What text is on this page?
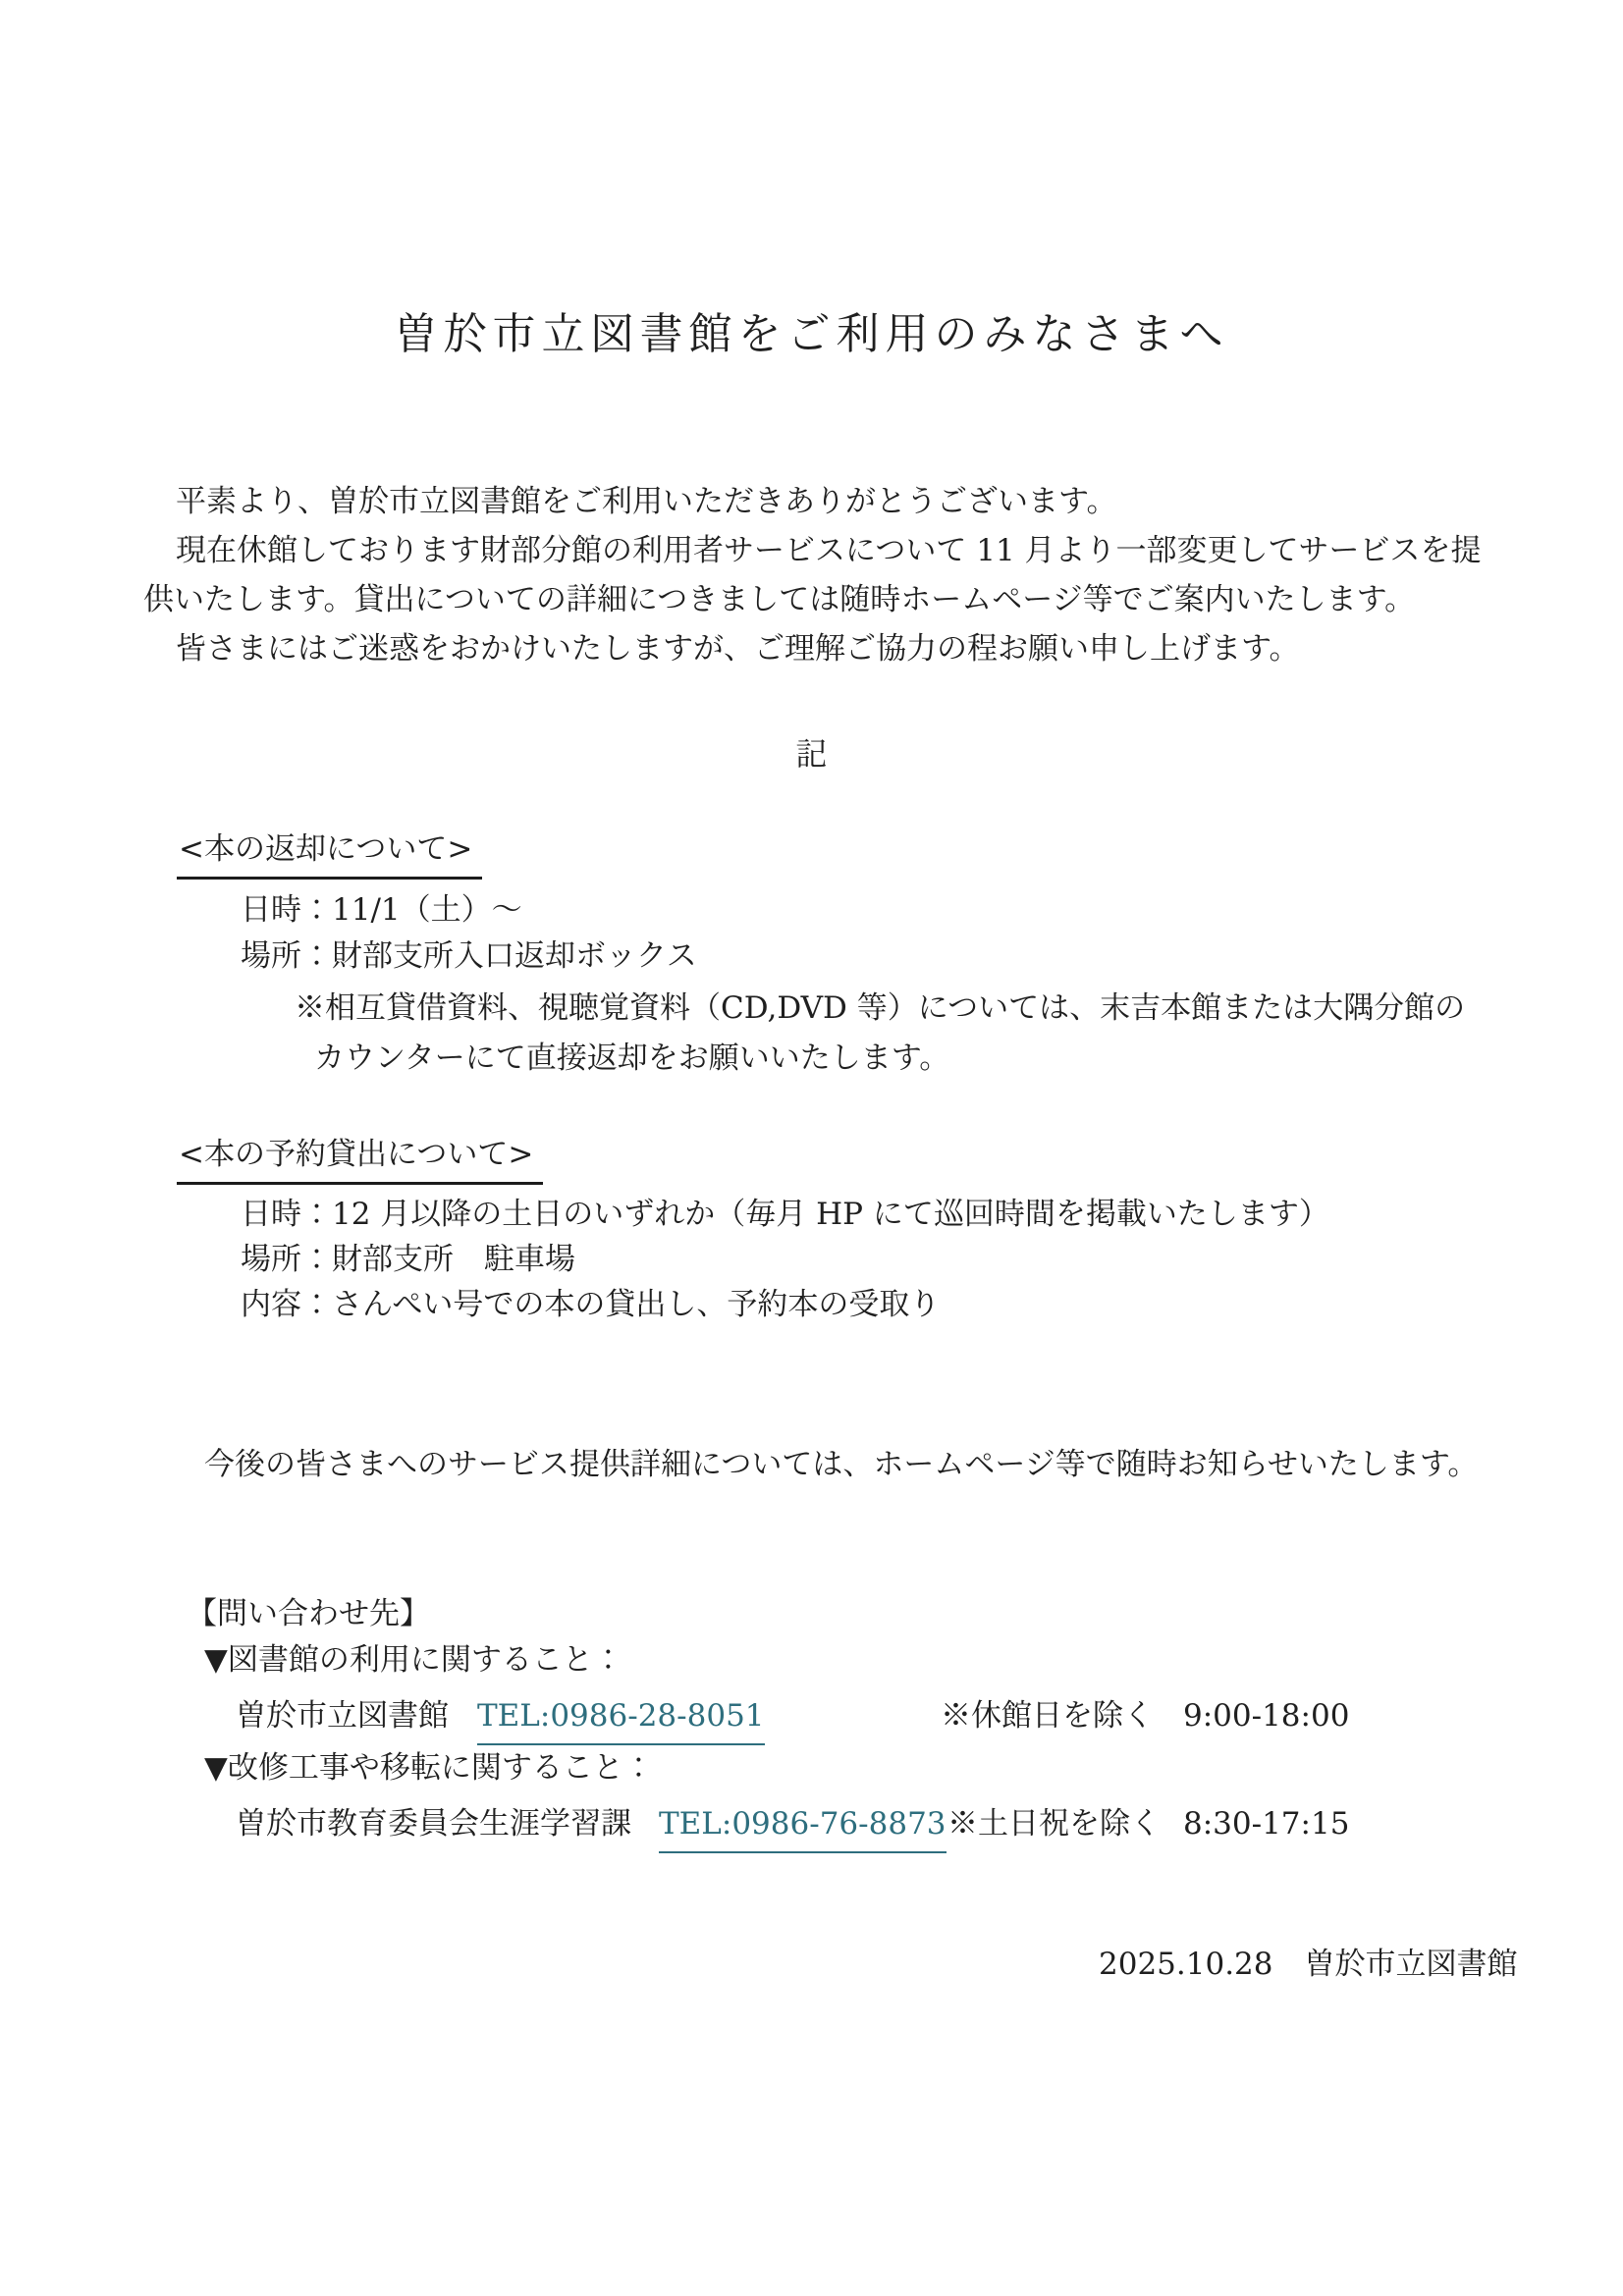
曽於市立図書館をご利用のみなさまへ
平素より、曽於市立図書館をご利用いただきありがとうございます。
現在休館しております財部分館の利用者サービスについて 11 月より一部変更してサービスを提
供いたします。貸出についての詳細につきましては随時ホームページ等でご案内いたします。
皆さまにはご迷惑をおかけいたしますが、ご理解ご協力の程お願い申し上げます。
記
<本の返却について>
日時：11/1（土）～
場所：財部支所入口返却ボックス
※相互貸借資料、視聴覚資料（CD,DVD 等）については、末吉本館または大隅分館の
カウンターにて直接返却をお願いいたします。
<本の予約貸出について>
日時：12 月以降の土日のいずれか（毎月 HP にて巡回時間を掲載いたします）
場所：財部支所　駐車場
内容：さんぺい号での本の貸出し、予約本の受取り
今後の皆さまへのサービス提供詳細については、ホームページ等で随時お知らせいたします。
【問い合わせ先】
▼図書館の利用に関すること：
曽於市立図書館 TEL:0986-28-8051	※休館日を除く 9:00-18:00
▼改修工事や移転に関すること：
曽於市教育委員会生涯学習課 TEL:0986-76-8873 ※土日祝を除く 8:30-17:15
2025.10.28 曽於市立図書館
